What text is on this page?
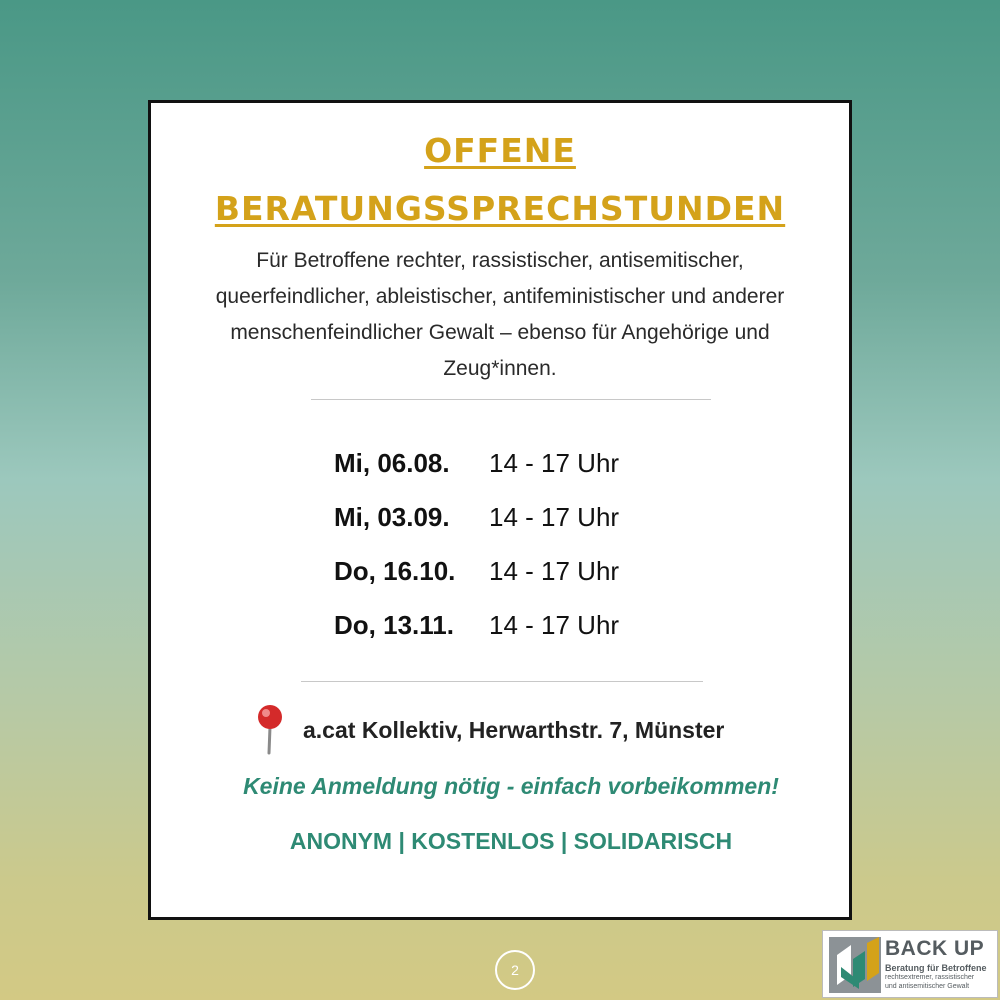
OFFENE
BERATUNGSSPRECHSTUNDEN
Für Betroffene rechter, rassistischer, antisemitischer, queerfeindlicher, ableistischer, antifeministischer und anderer menschenfeindlicher Gewalt – ebenso für Angehörige und Zeug*innen.
Mi, 06.08. 14 - 17 Uhr
Mi, 03.09. 14 - 17 Uhr
Do, 16.10. 14 - 17 Uhr
Do, 13.11. 14 - 17 Uhr
a.cat Kollektiv, Herwarthstr. 7, Münster
Keine Anmeldung nötig - einfach vorbeikommen!
ANONYM | KOSTENLOS | SOLIDARISCH
2
BACK UP
Beratung für Betroffene
rechtsextremer, rassistischer
und antisemitischer Gewalt
